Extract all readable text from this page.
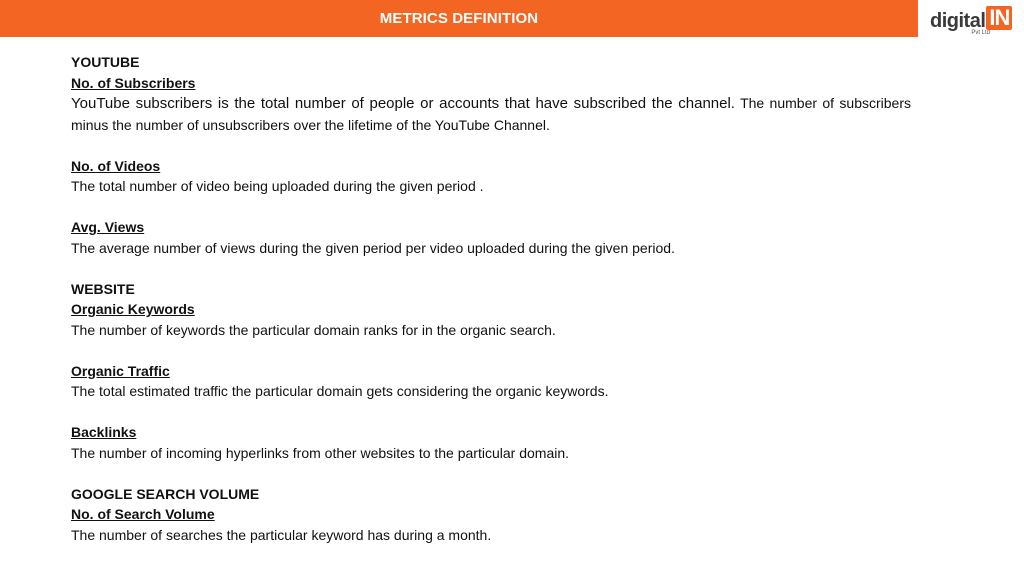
METRICS DEFINITION	digital IN
Pvt Ltd
YOUTUBE
No. of Subscribers

YouTube subscribers is the total number of people or accounts that have subscribed the channel. The number of subscribers minus the number of unsubscribers over the lifetime of the YouTube Channel.

No. of Videos

The total number of video being uploaded during the given period .

Avg. Views

The average number of views during the given period per video uploaded during the given period.

WEBSITE
Organic Keywords

The number of keywords the particular domain ranks for in the organic search.

Organic Traffic

The total estimated traffic the particular domain gets considering the organic keywords.

Backlinks

The number of incoming hyperlinks from other websites to the particular domain.

GOOGLE SEARCH VOLUME
No. of Search Volume

The number of searches the particular keyword has during a month.
